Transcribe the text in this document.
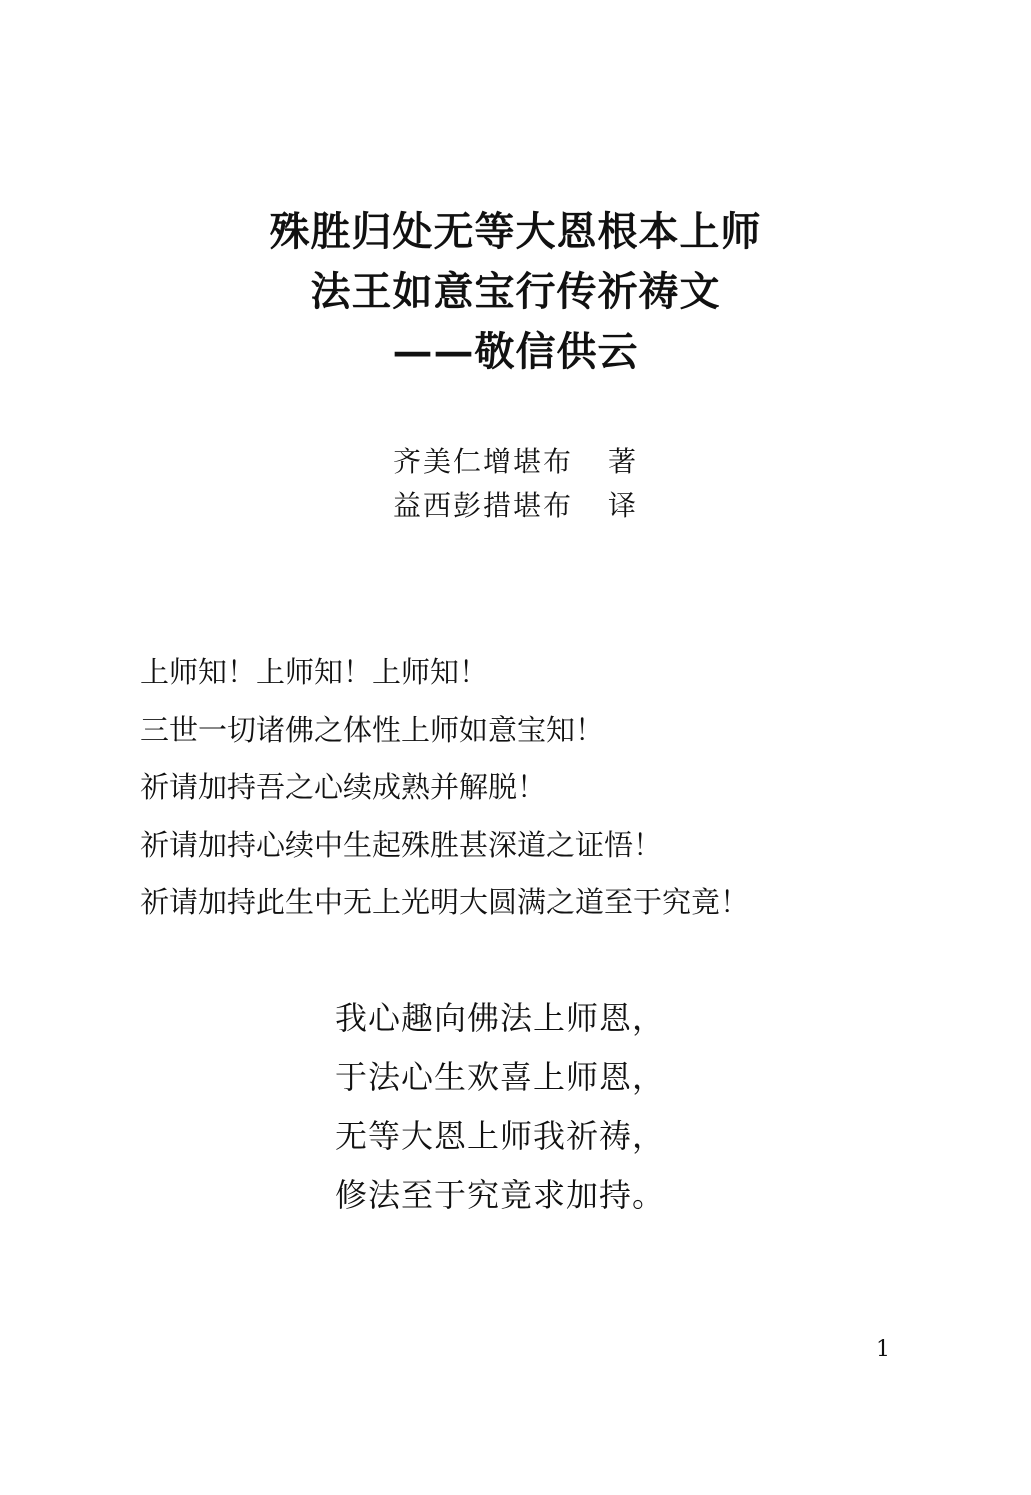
殊胜归处无等大恩根本上师
法王如意宝行传祈祷文
——敬信供云
齐美仁增堪布 著
益西彭措堪布 译
上师知！上师知！上师知！
三世一切诸佛之体性上师如意宝知！
祈请加持吾之心续成熟并解脱！
祈请加持心续中生起殊胜甚深道之证悟！
祈请加持此生中无上光明大圆满之道至于究竟！
我心趣向佛法上师恩，
于法心生欢喜上师恩，
无等大恩上师我祈祷，
修法至于究竟求加持。
1
